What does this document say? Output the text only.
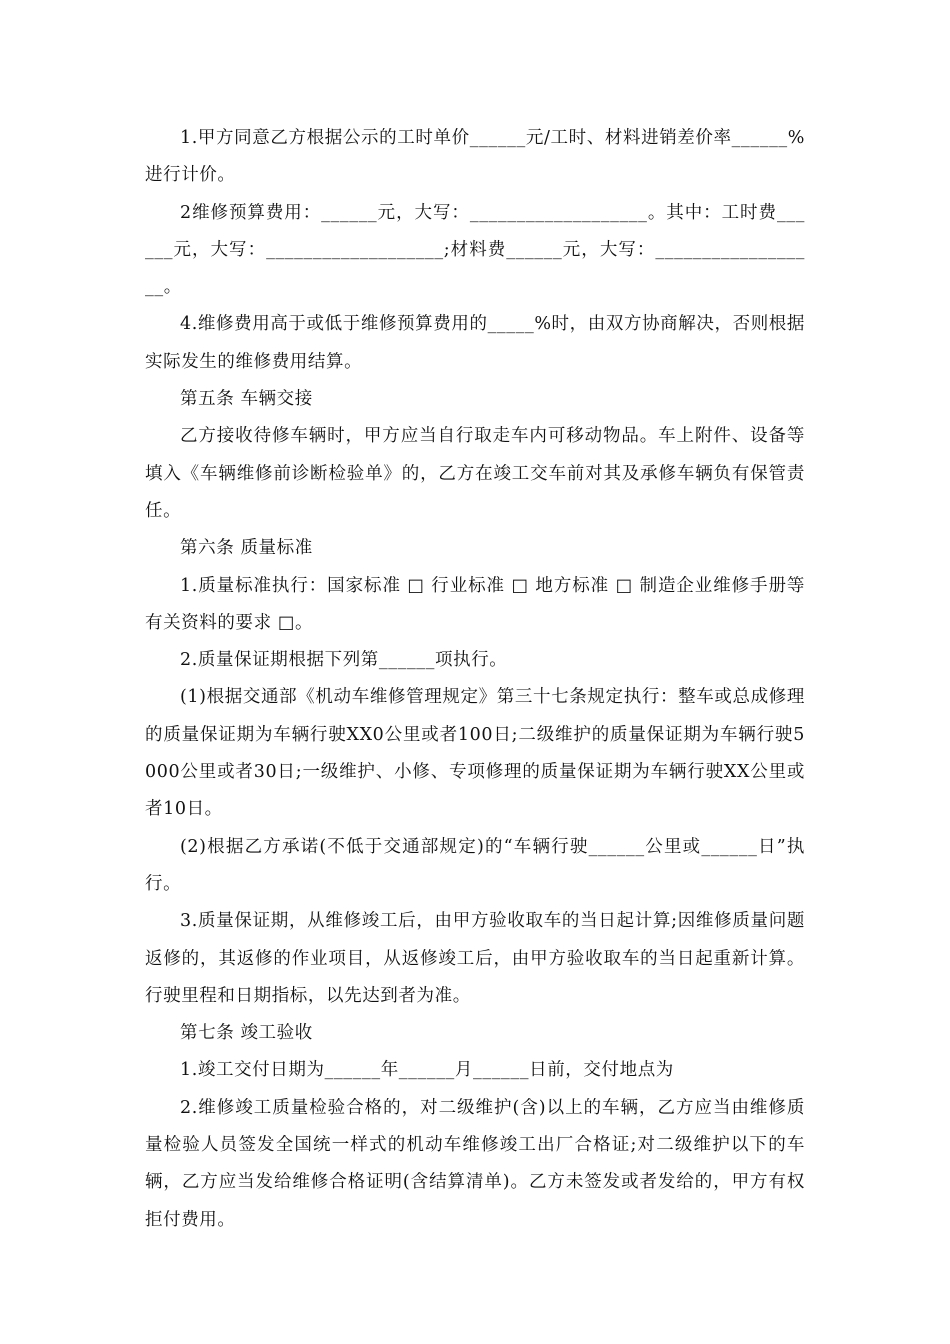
1.甲方同意乙方根据公示的工时单价______元/工时、材料进销差价率______%进行计价。

2维修预算费用：______元，大写：___________________。其中：工时费______元，大写：___________________;材料费______元，大写：__________________。

4.维修费用高于或低于维修预算费用的_____%时，由双方协商解决，否则根据实际发生的维修费用结算。

第五条 车辆交接

乙方接收待修车辆时，甲方应当自行取走车内可移动物品。车上附件、设备等填入《车辆维修前诊断检验单》的，乙方在竣工交车前对其及承修车辆负有保管责任。

第六条 质量标准

1.质量标准执行：国家标准 □ 行业标准 □ 地方标准 □ 制造企业维修手册等有关资料的要求 □。

2.质量保证期根据下列第______项执行。

(1)根据交通部《机动车维修管理规定》第三十七条规定执行：整车或总成修理的质量保证期为车辆行驶XX0公里或者100日;二级维护的质量保证期为车辆行驶5000公里或者30日;一级维护、小修、专项修理的质量保证期为车辆行驶XX公里或者10日。

(2)根据乙方承诺(不低于交通部规定)的“车辆行驶______公里或______日”执行。

3.质量保证期，从维修竣工后，由甲方验收取车的当日起计算;因维修质量问题返修的，其返修的作业项目，从返修竣工后，由甲方验收取车的当日起重新计算。行驶里程和日期指标，以先达到者为准。

第七条 竣工验收

1.竣工交付日期为______年______月______日前，交付地点为

2.维修竣工质量检验合格的，对二级维护(含)以上的车辆，乙方应当由维修质量检验人员签发全国统一样式的机动车维修竣工出厂合格证;对二级维护以下的车辆，乙方应当发给维修合格证明(含结算清单)。乙方未签发或者发给的，甲方有权拒付费用。
